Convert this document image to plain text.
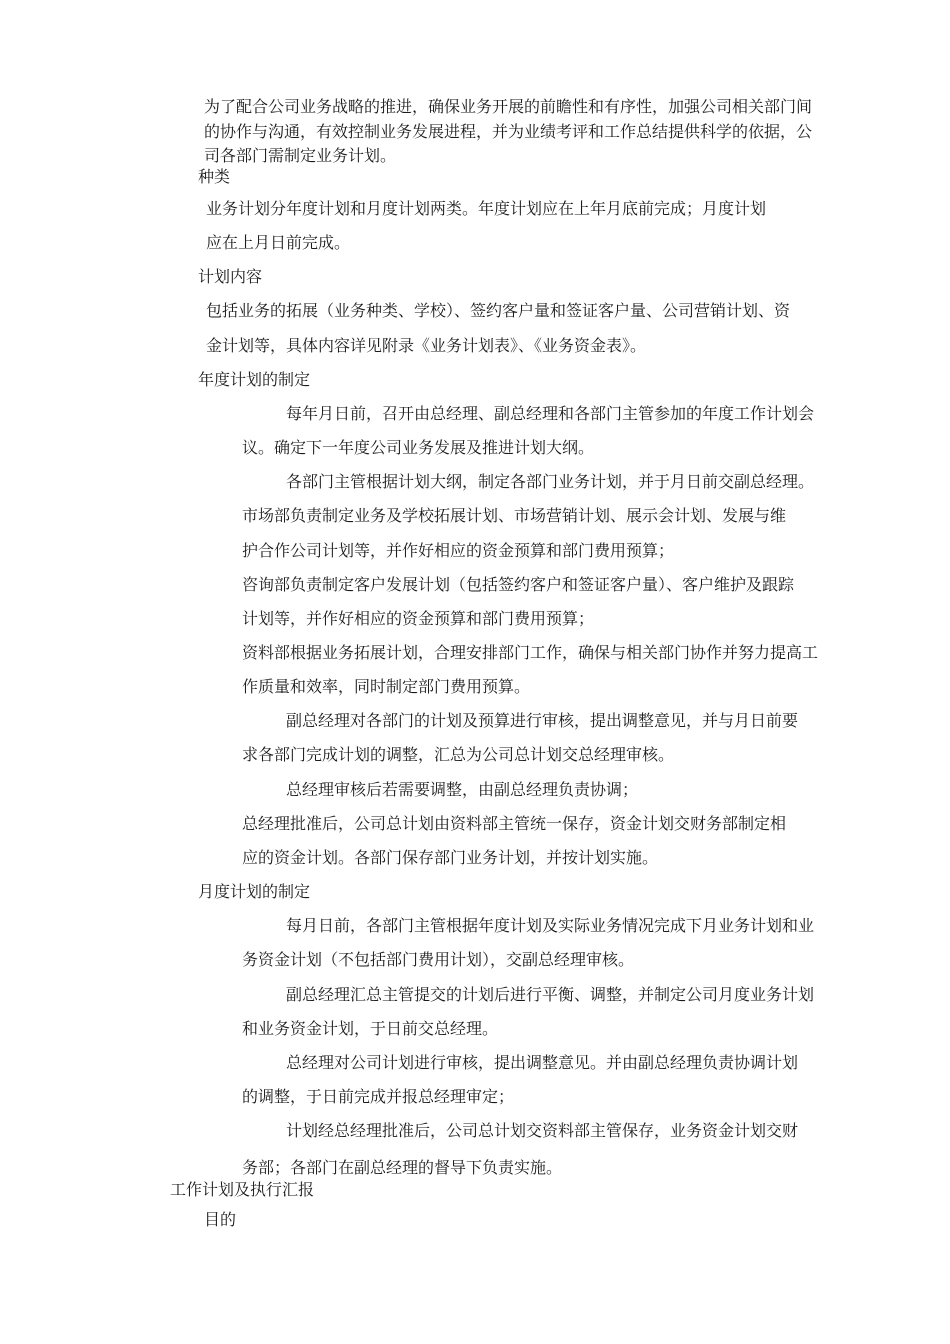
为了配合公司业务战略的推进，确保业务开展的前瞻性和有序性，加强公司相关部门间
的协作与沟通，有效控制业务发展进程，并为业绩考评和工作总结提供科学的依据，公
司各部门需制定业务计划。
种类
业务计划分年度计划和月度计划两类。年度计划应在上年月底前完成；月度计划
应在上月日前完成。
计划内容
包括业务的拓展（业务种类、学校）、签约客户量和签证客户量、公司营销计划、资
金计划等，具体内容详见附录《业务计划表》、《业务资金表》。
年度计划的制定
每年月日前，召开由总经理、副总经理和各部门主管参加的年度工作计划会
议。确定下一年度公司业务发展及推进计划大纲。
各部门主管根据计划大纲，制定各部门业务计划，并于月日前交副总经理。
市场部负责制定业务及学校拓展计划、市场营销计划、展示会计划、发展与维
护合作公司计划等，并作好相应的资金预算和部门费用预算；
咨询部负责制定客户发展计划（包括签约客户和签证客户量）、客户维护及跟踪
计划等，并作好相应的资金预算和部门费用预算；
资料部根据业务拓展计划，合理安排部门工作，确保与相关部门协作并努力提高工
作质量和效率，同时制定部门费用预算。
副总经理对各部门的计划及预算进行审核，提出调整意见，并与月日前要
求各部门完成计划的调整，汇总为公司总计划交总经理审核。
总经理审核后若需要调整，由副总经理负责协调；
总经理批准后，公司总计划由资料部主管统一保存，资金计划交财务部制定相
应的资金计划。各部门保存部门业务计划，并按计划实施。
月度计划的制定
每月日前，各部门主管根据年度计划及实际业务情况完成下月业务计划和业
务资金计划（不包括部门费用计划），交副总经理审核。
副总经理汇总主管提交的计划后进行平衡、调整，并制定公司月度业务计划
和业务资金计划，于日前交总经理。
总经理对公司计划进行审核，提出调整意见。并由副总经理负责协调计划
的调整，于日前完成并报总经理审定；
计划经总经理批准后，公司总计划交资料部主管保存，业务资金计划交财
务部；各部门在副总经理的督导下负责实施。
工作计划及执行汇报
目的
